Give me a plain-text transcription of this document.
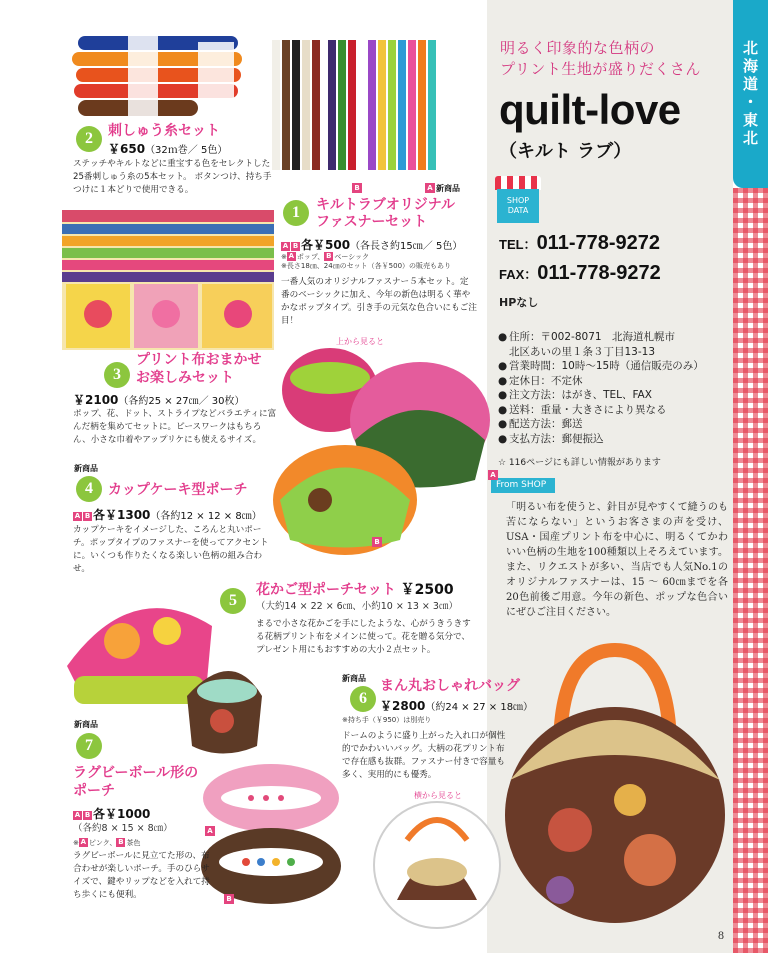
北海道・東北
明るく印象的な色柄の
プリント生地が盛りだくさん
quilt-love
（キルト ラブ）
SHOP
DATA
TEL：011-778-9272
FAX：011-778-9272
HPなし
● 住所：〒002-8071　北海道札幌市
北区あいの里１条３丁目13-13
● 営業時間：10時〜15時（通信販売のみ）
● 定休日：不定休
● 注文方法：はがき、TEL、FAX
● 送料：重量・大きさにより異なる
● 配送方法：郵送
● 支払方法：郵便振込
☆ 116ページにも詳しい情報があります
From SHOP
「明るい布を使うと、針目が見やすくて縫うのも苦にならない」というお客さまの声を受け、USA・国産プリント布を中心に、明るくてかわいい色柄の生地を100種類以上そろえています。また、リクエストが多い、当店でも人気No.1のオリジナルファスナーは、15 〜 60㎝までを各20色前後ご用意。今年の新色、ポップな色合いにぜひご注目ください。
B	A 新商品
上から見ると
A
B
A
B
横から見ると
2	刺しゅう糸セット
￥650（32ｍ巻／ 5色）
ステッチやキルトなどに重宝する色をセレクトした25番刺しゅう糸の5本セット。 ボタンつけ、持ち手つけに１本どりで使用できる。
1	キルトラブオリジナル
ファスナーセット
A B 各￥500（各長さ約15㎝／ 5色）
※ A ポップ、 B ベーシック
※長さ18㎝、24㎝のセット（各￥500）の販売もあり
一番人気のオリジナルファスナー５本セット。定番のベーシックに加え、今年の新色は明るく華やかなポップタイプ。引き手の元気な色合いにもご注目！
3
プリント布おまかせ
お楽しみセット
￥2100（各約25 × 27㎝／ 30枚）
ポップ、花、ドット、ストライプなどバラエティに富んだ柄を集めてセットに。ピースワークはもちろん、小さな巾着やアップリケにも使えるサイズ。
新商品
4	カップケーキ型ポーチ
A B 各￥1300（各約12 × 12 × 8㎝）
カップケーキをイメージした、ころんと丸いポーチ。ポップタイプのファスナーを使ってアクセントに。いくつも作りたくなる楽しい色柄の組み合わせ。
5
花かご型ポーチセット ￥2500
（大約14 × 22 × 6㎝、小約10 × 13 × 3㎝）
まるで小さな花かごを手にしたような、心がうきうきする花柄プリント布をメインに使って。花を贈る気分で、プレゼント用にもおすすめの大小２点セット。
新商品
6
まん丸おしゃれバッグ
￥2800（約24 × 27 × 18㎝）
※持ち手（￥950）は別売り
ドームのように盛り上がった入れ口が個性的でかわいいバッグ。大柄の花プリント布で存在感も抜群。ファスナー付きで容量も多く、実用的にも優秀。
新商品
7
ラグビーボール形の
ポーチ
A B 各￥1000
（各約8 × 15 × 8㎝）
※ A ピンク、 B 茶色
ラグビーボールに見立てた形の、布合わせが楽しいポーチ。手のひらサイズで、鍵やリップなどを入れて持ち歩くにも便利。
8
